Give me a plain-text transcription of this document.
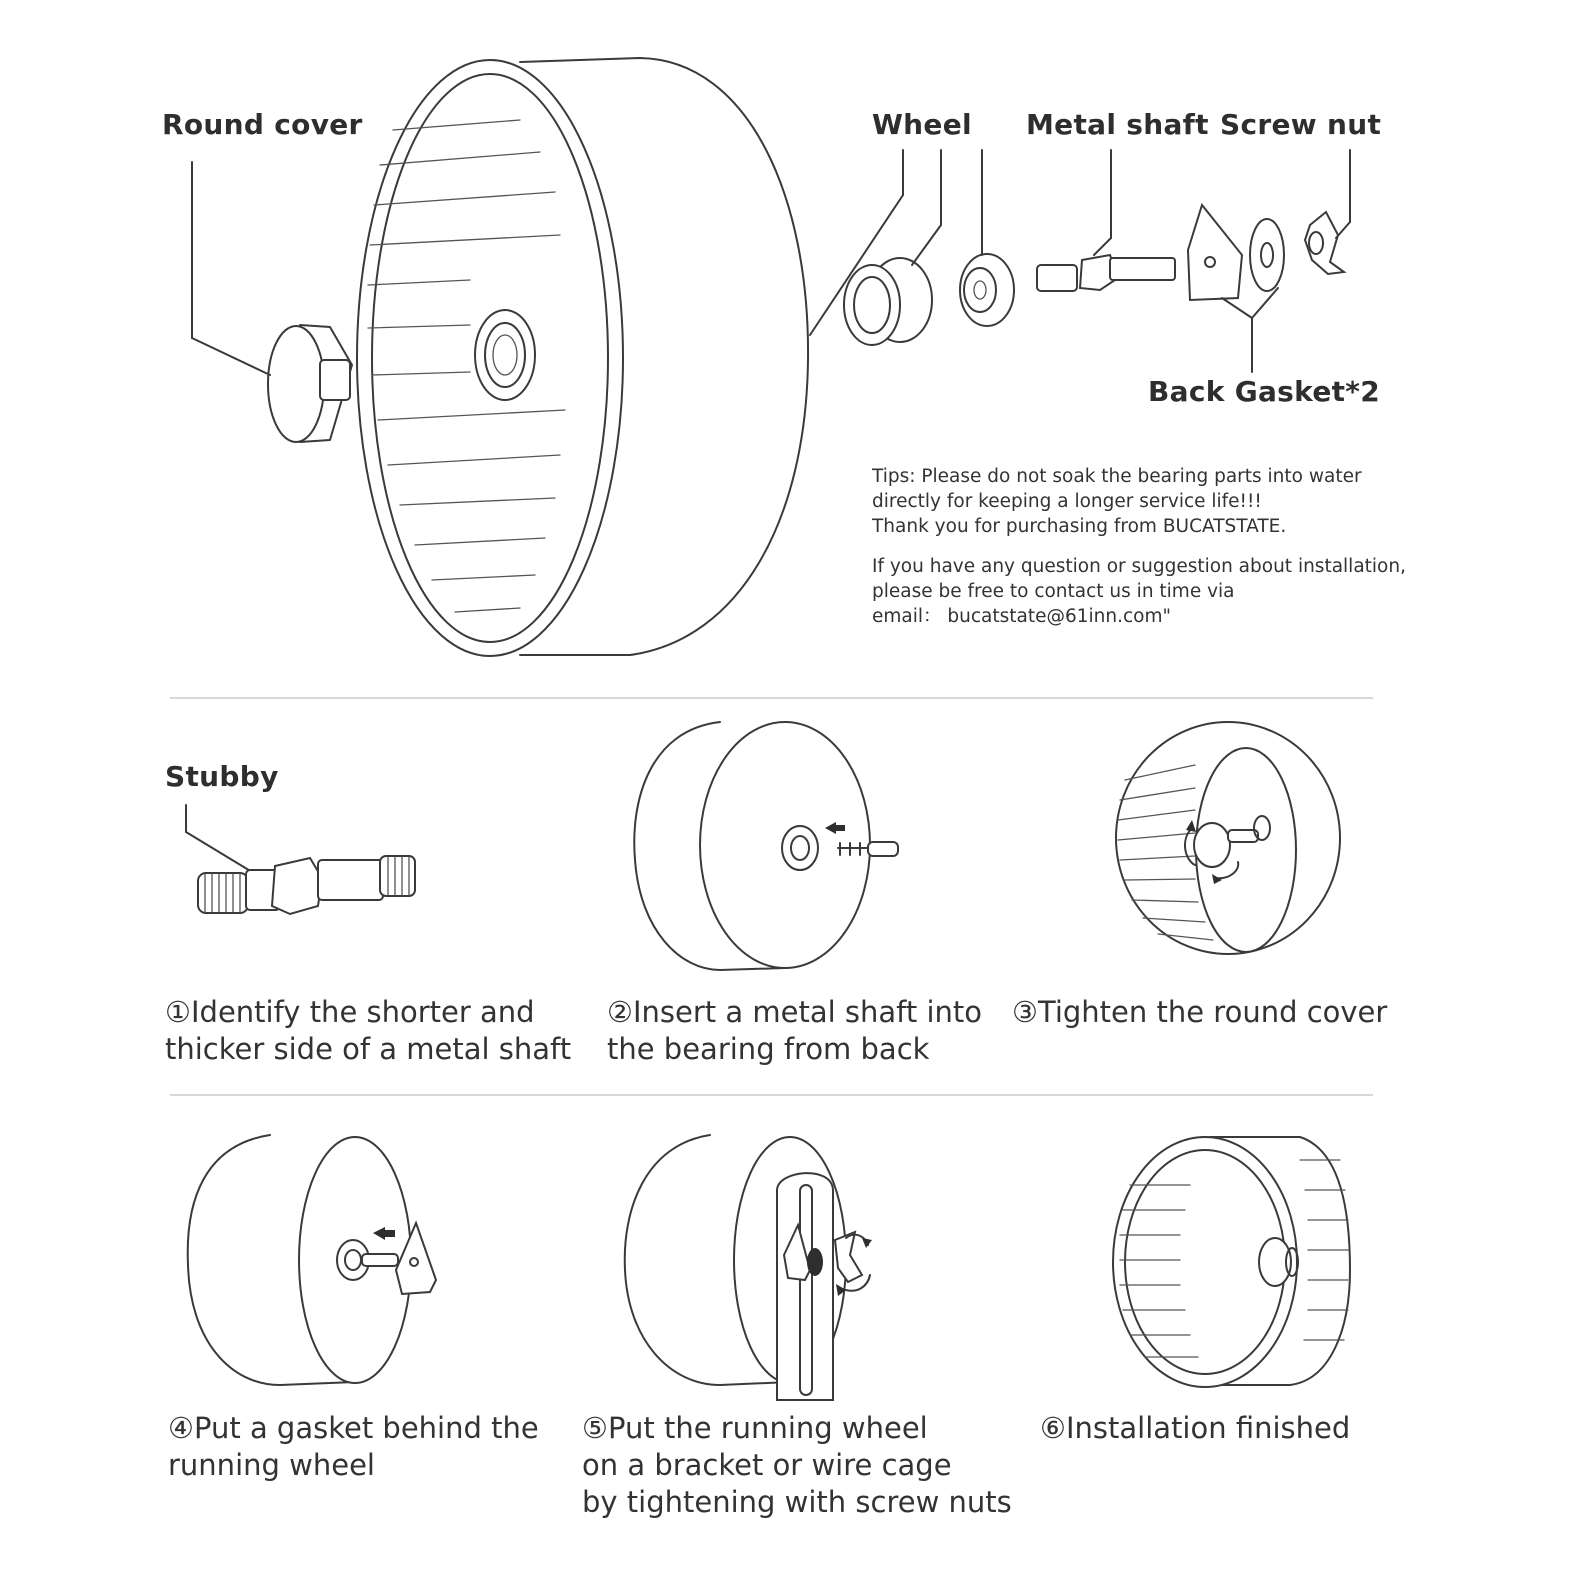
Round cover	Wheel Metal shaft Screw nut
Back Gasket*2
Stubby
Tips: Please do not soak the bearing parts into water
directly for keeping a longer service life!!!
Thank you for purchasing from BUCATSTATE.
If you have any question or suggestion about installation,
please be free to contact us in time via
email： bucatstate@61inn.com"
①Identify the shorter and
thicker side of a metal shaft
②Insert a metal shaft into
the bearing from back
③Tighten the round cover
④Put a gasket behind the
running wheel
⑤Put the running wheel
on a bracket or wire cage
by tightening with screw nuts
⑥Installation finished
